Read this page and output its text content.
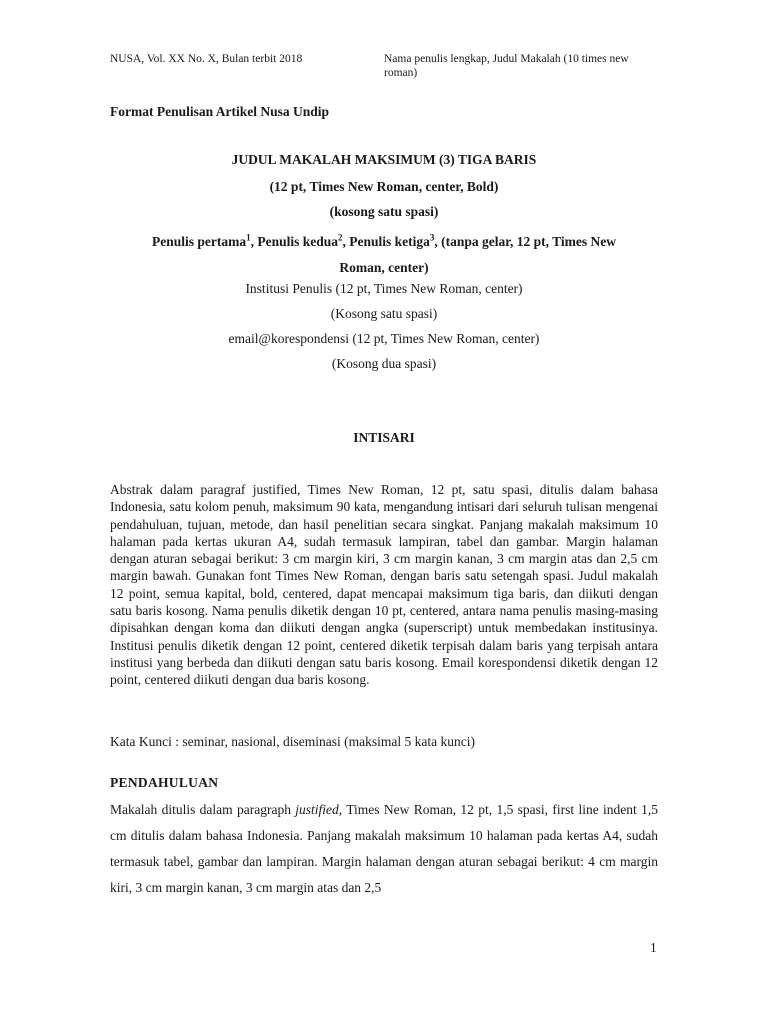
NUSA, Vol. XX No. X, Bulan terbit 2018	Nama penulis lengkap, Judul Makalah (10 times new roman)
Format Penulisan Artikel Nusa Undip
JUDUL MAKALAH MAKSIMUM (3) TIGA BARIS
(12 pt, Times New Roman, center, Bold)
(kosong satu spasi)
Penulis pertama$^1$, Penulis kedua$^2$, Penulis ketiga$^3$, (tanpa gelar, 12 pt, Times New
Roman, center)
Institusi Penulis (12 pt, Times New Roman, center)
(Kosong satu spasi)
email@korespondensi (12 pt, Times New Roman, center)
(Kosong dua spasi)
INTISARI
Abstrak dalam paragraf justified, Times New Roman, 12 pt, satu spasi, ditulis dalam bahasa Indonesia, satu kolom penuh, maksimum 90 kata, mengandung intisari dari seluruh tulisan mengenai pendahuluan, tujuan, metode, dan hasil penelitian secara singkat. Panjang makalah maksimum 10 halaman pada kertas ukuran A4, sudah termasuk lampiran, tabel dan gambar. Margin halaman dengan aturan sebagai berikut: 3 cm margin kiri, 3 cm margin kanan, 3 cm margin atas dan 2,5 cm margin bawah. Gunakan font Times New Roman, dengan baris satu setengah spasi. Judul makalah 12 point, semua kapital, bold, centered, dapat mencapai maksimum tiga baris, dan diikuti dengan satu baris kosong. Nama penulis diketik dengan 10 pt, centered, antara nama penulis masing-masing dipisahkan dengan koma dan diikuti dengan angka (superscript) untuk membedakan institusinya. Institusi penulis diketik dengan 12 point, centered diketik terpisah dalam baris yang terpisah antara institusi yang berbeda dan diikuti dengan satu baris kosong. Email korespondensi diketik dengan 12 point, centered diikuti dengan dua baris kosong.
Kata Kunci : seminar, nasional, diseminasi (maksimal 5 kata kunci)
PENDAHULUAN
Makalah ditulis dalam paragraph justified, Times New Roman, 12 pt, 1,5 spasi, first line indent 1,5 cm ditulis dalam bahasa Indonesia. Panjang makalah maksimum 10 halaman pada kertas A4, sudah termasuk tabel, gambar dan lampiran. Margin halaman dengan aturan sebagai berikut: 4 cm margin kiri, 3 cm margin kanan, 3 cm margin atas dan 2,5
1
